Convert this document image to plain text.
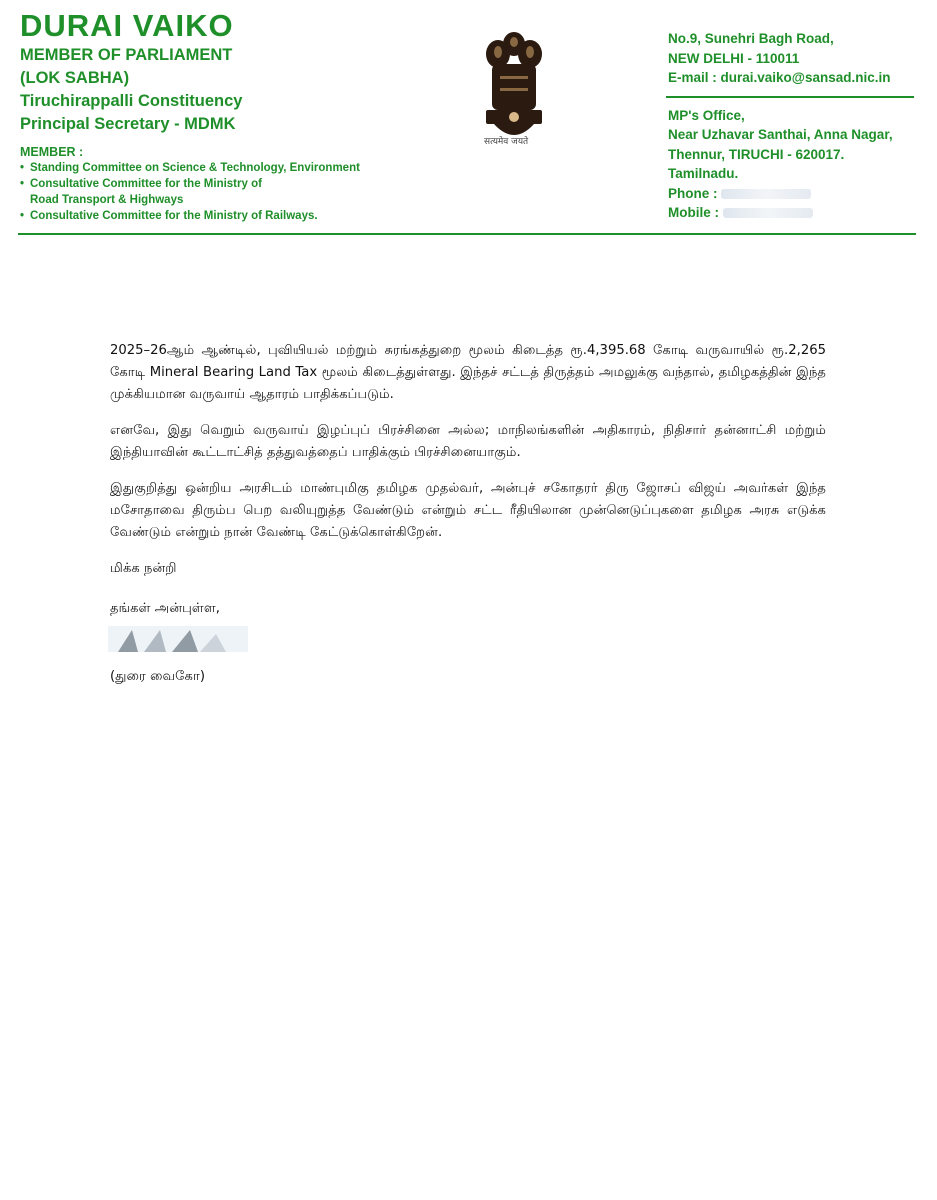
DURAI VAIKO
MEMBER OF PARLIAMENT
(LOK SABHA)
Tiruchirappalli Constituency
Principal Secretary - MDMK
MEMBER :
• Standing Committee on Science & Technology, Environment
• Consultative Committee for the Ministry of Road Transport & Highways
• Consultative Committee for the Ministry of Railways.
सत्यमेव जयते
No.9, Sunehri Bagh Road,
NEW DELHI - 110011
E-mail : durai.vaiko@sansad.nic.in
MP's Office,
Near Uzhavar Santhai, Anna Nagar,
Thennur, TIRUCHI - 620017.
Tamilnadu.
Phone :
Mobile :

2025–26ஆம் ஆண்டில், புவியியல் மற்றும் சுரங்கத்துறை மூலம் கிடைத்த ரூ.4,395.68 கோடி வருவாயில் ரூ.2,265 கோடி Mineral Bearing Land Tax மூலம் கிடைத்துள்ளது. இந்தச் சட்டத் திருத்தம் அமலுக்கு வந்தால், தமிழகத்தின் இந்த முக்கியமான வருவாய் ஆதாரம் பாதிக்கப்படும்.

எனவே, இது வெறும் வருவாய் இழப்புப் பிரச்சினை அல்ல; மாநிலங்களின் அதிகாரம், நிதிசார் தன்னாட்சி மற்றும் இந்தியாவின் கூட்டாட்சித் தத்துவத்தைப் பாதிக்கும் பிரச்சினையாகும்.

இதுகுறித்து ஒன்றிய அரசிடம் மாண்புமிகு தமிழக முதல்வர், அன்புச் சகோதரர் திரு ஜோசப் விஜய் அவர்கள் இந்த மசோதாவை திரும்ப பெற வலியுறுத்த வேண்டும் என்றும் சட்ட ரீதியிலான முன்னெடுப்புகளை தமிழக அரசு எடுக்க வேண்டும் என்றும் நான் வேண்டி கேட்டுக்கொள்கிறேன்.

மிக்க நன்றி
தங்கள் அன்புள்ள,
(துரை வைகோ)
